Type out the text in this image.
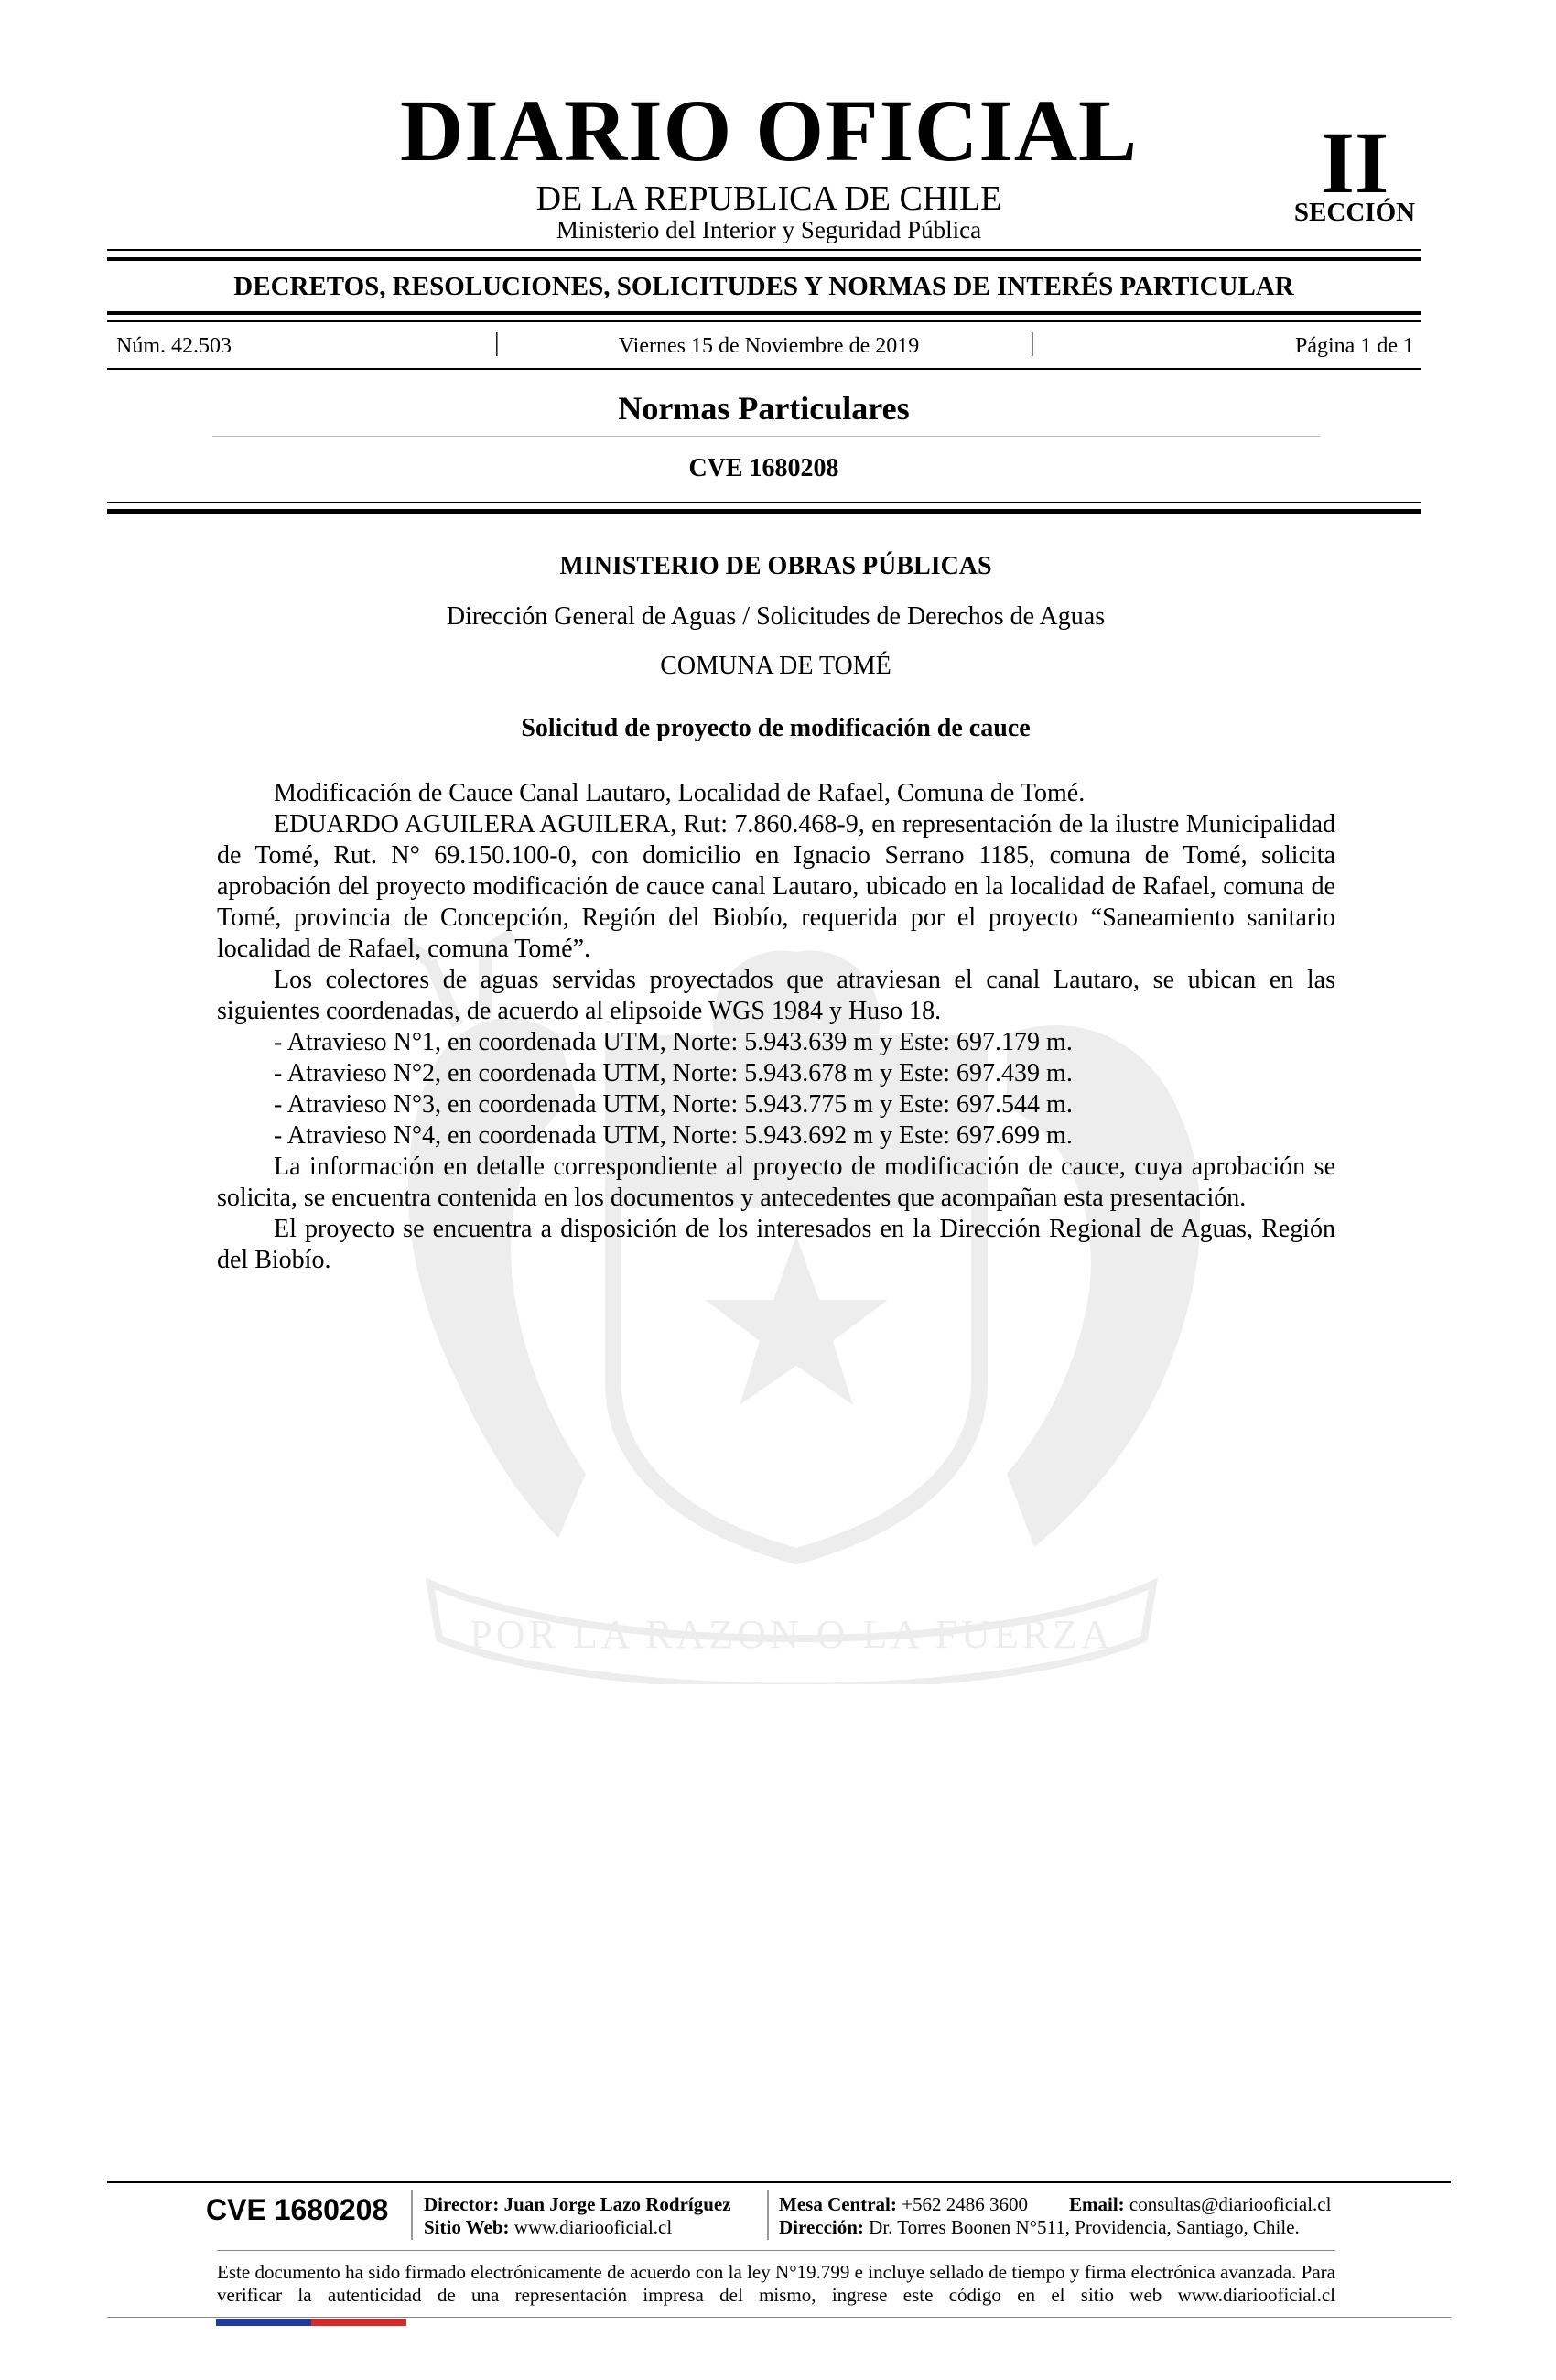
POR LA RAZON O LA FUERZA
DIARIO OFICIAL
DE LA REPUBLICA DE CHILE
Ministerio del Interior y Seguridad Pública
II
SECCIÓN
DECRETOS, RESOLUCIONES, SOLICITUDES Y NORMAS DE INTERÉS PARTICULAR
Núm. 42.503	|	Viernes 15 de Noviembre de 2019	|	Página 1 de 1
Normas Particulares
CVE 1680208
MINISTERIO DE OBRAS PÚBLICAS
Dirección General de Aguas / Solicitudes de Derechos de Aguas
COMUNA DE TOMÉ
Solicitud de proyecto de modificación de cauce

Modificación de Cauce Canal Lautaro, Localidad de Rafael, Comuna de Tomé.

EDUARDO AGUILERA AGUILERA, Rut: 7.860.468-9, en representación de la ilustre Municipalidad de Tomé, Rut. N° 69.150.100-0, con domicilio en Ignacio Serrano 1185, comuna de Tomé, solicita aprobación del proyecto modificación de cauce canal Lautaro, ubicado en la localidad de Rafael, comuna de Tomé, provincia de Concepción, Región del Biobío, requerida por el proyecto “Saneamiento sanitario localidad de Rafael, comuna Tomé”.

Los colectores de aguas servidas proyectados que atraviesan el canal Lautaro, se ubican en las siguientes coordenadas, de acuerdo al elipsoide WGS 1984 y Huso 18.

- Atravieso N°1, en coordenada UTM, Norte: 5.943.639 m y Este: 697.179 m.

- Atravieso N°2, en coordenada UTM, Norte: 5.943.678 m y Este: 697.439 m.

- Atravieso N°3, en coordenada UTM, Norte: 5.943.775 m y Este: 697.544 m.

- Atravieso N°4, en coordenada UTM, Norte: 5.943.692 m y Este: 697.699 m.

La información en detalle correspondiente al proyecto de modificación de cauce, cuya aprobación se solicita, se encuentra contenida en los documentos y antecedentes que acompañan esta presentación.

El proyecto se encuentra a disposición de los interesados en la Dirección Regional de Aguas, Región del Biobío.

CVE 1680208 Director: Juan Jorge Lazo Rodríguez
Sitio Web: www.diariooficial.cl
Mesa Central: +562 2486 3600 Email: consultas@diariooficial.cl
Dirección: Dr. Torres Boonen N°511, Providencia, Santiago, Chile.
Este documento ha sido firmado electrónicamente de acuerdo con la ley N°19.799 e incluye sellado de tiempo y firma electrónica avanzada. Para verificar la autenticidad de una representación impresa del mismo, ingrese este código en el sitio web www.diariooficial.cl
